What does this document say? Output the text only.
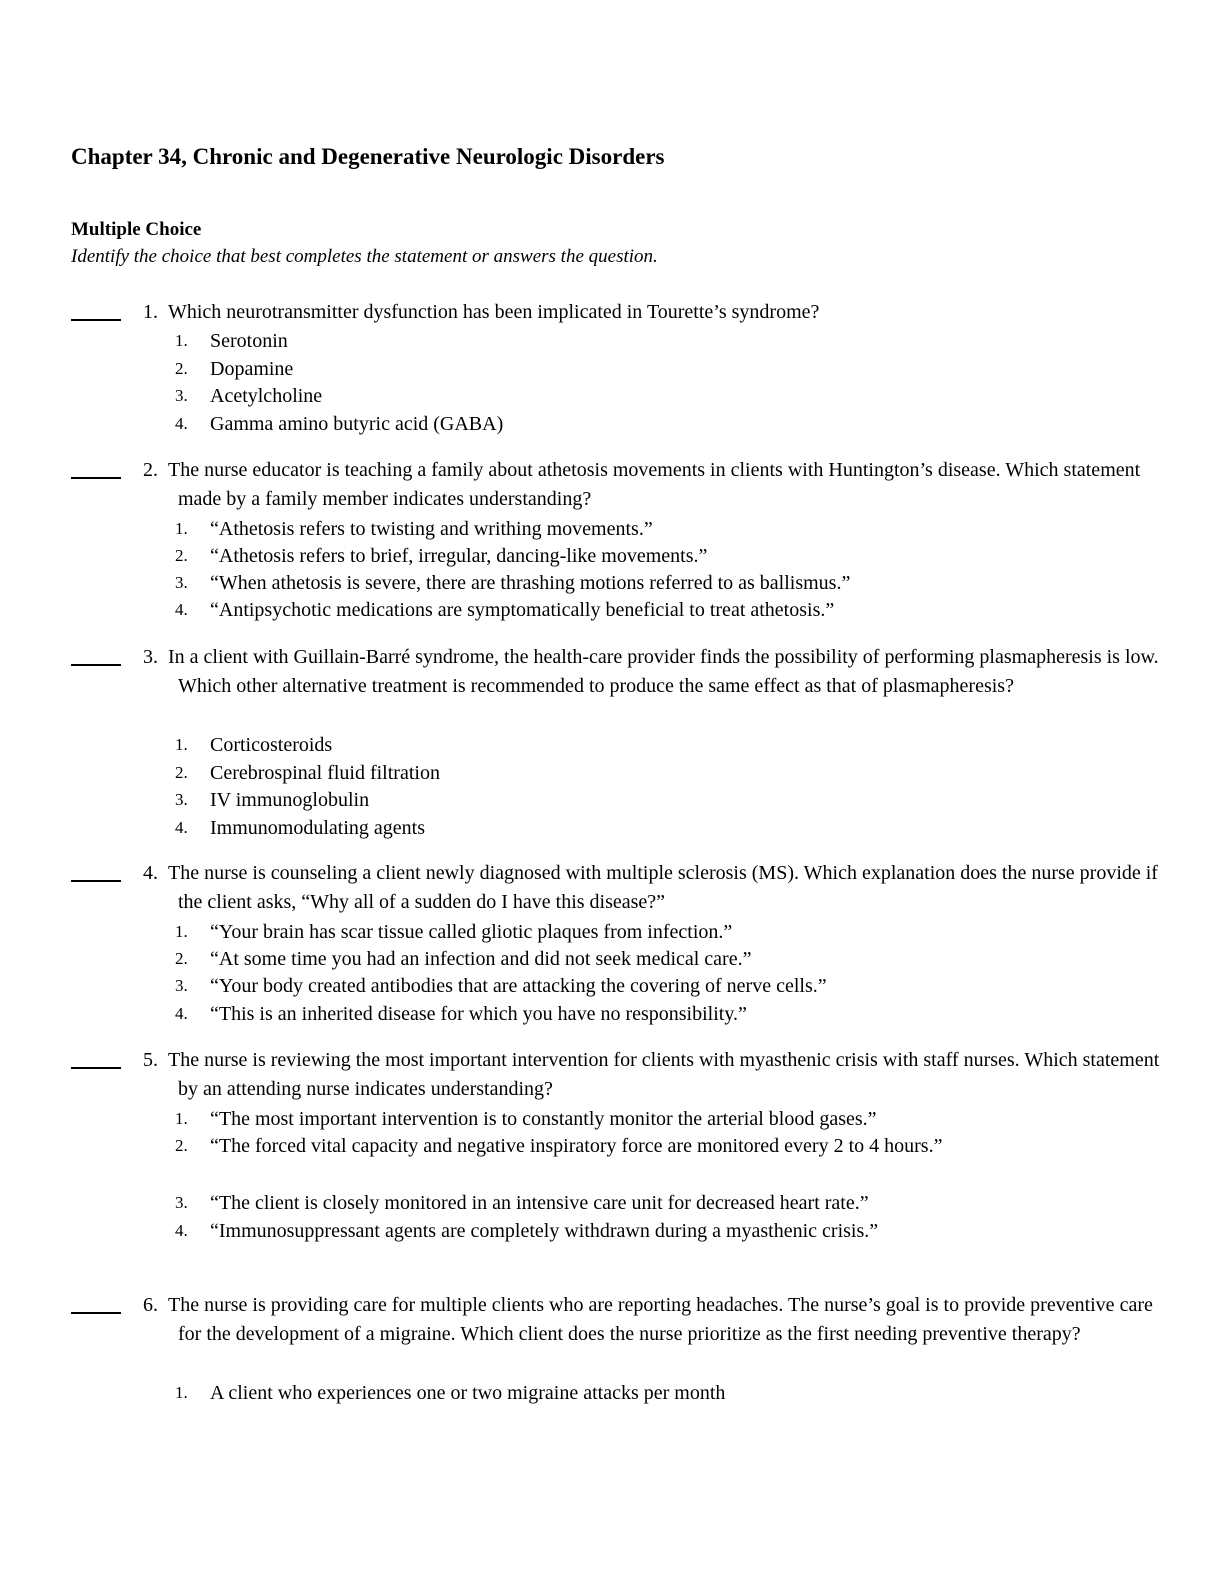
Chapter 34, Chronic and Degenerative Neurologic Disorders
Multiple Choice

Identify the choice that best completes the statement or answers the question.

1. Which neurotransmitter dysfunction has been implicated in Tourette’s syndrome?

1.	Serotonin
2.	Dopamine
3.	Acetylcholine
4.	Gamma amino butyric acid (GABA)

2. The nurse educator is teaching a family about athetosis movements in clients with Huntington’s disease. Which statement made by a family member indicates understanding?

1.	“Athetosis refers to twisting and writhing movements.”
2.	“Athetosis refers to brief, irregular, dancing-like movements.”
3.	“When athetosis is severe, there are thrashing motions referred to as ballismus.”
4.	“Antipsychotic medications are symptomatically beneficial to treat athetosis.”

3. In a client with Guillain-Barré syndrome, the health-care provider finds the possibility of performing plasmapheresis is low. Which other alternative treatment is recommended to produce the same effect as that of plasmapheresis?

1.	Corticosteroids
2.	Cerebrospinal fluid filtration
3.	IV immunoglobulin
4.	Immunomodulating agents

4. The nurse is counseling a client newly diagnosed with multiple sclerosis (MS). Which explanation does the nurse provide if the client asks, “Why all of a sudden do I have this disease?”

1.	“Your brain has scar tissue called gliotic plaques from infection.”
2.	“At some time you had an infection and did not seek medical care.”
3.	“Your body created antibodies that are attacking the covering of nerve cells.”
4.	“This is an inherited disease for which you have no responsibility.”

5. The nurse is reviewing the most important intervention for clients with myasthenic crisis with staff nurses. Which statement by an attending nurse indicates understanding?

1.	“The most important intervention is to constantly monitor the arterial blood gases.”
2.	“The forced vital capacity and negative inspiratory force are monitored every 2 to 4 hours.”
3.	“The client is closely monitored in an intensive care unit for decreased heart rate.”
4.	“Immunosuppressant agents are completely withdrawn during a myasthenic crisis.”

6. The nurse is providing care for multiple clients who are reporting headaches. The nurse’s goal is to provide preventive care for the development of a migraine. Which client does the nurse prioritize as the first needing preventive therapy?

1.	A client who experiences one or two migraine attacks per month
